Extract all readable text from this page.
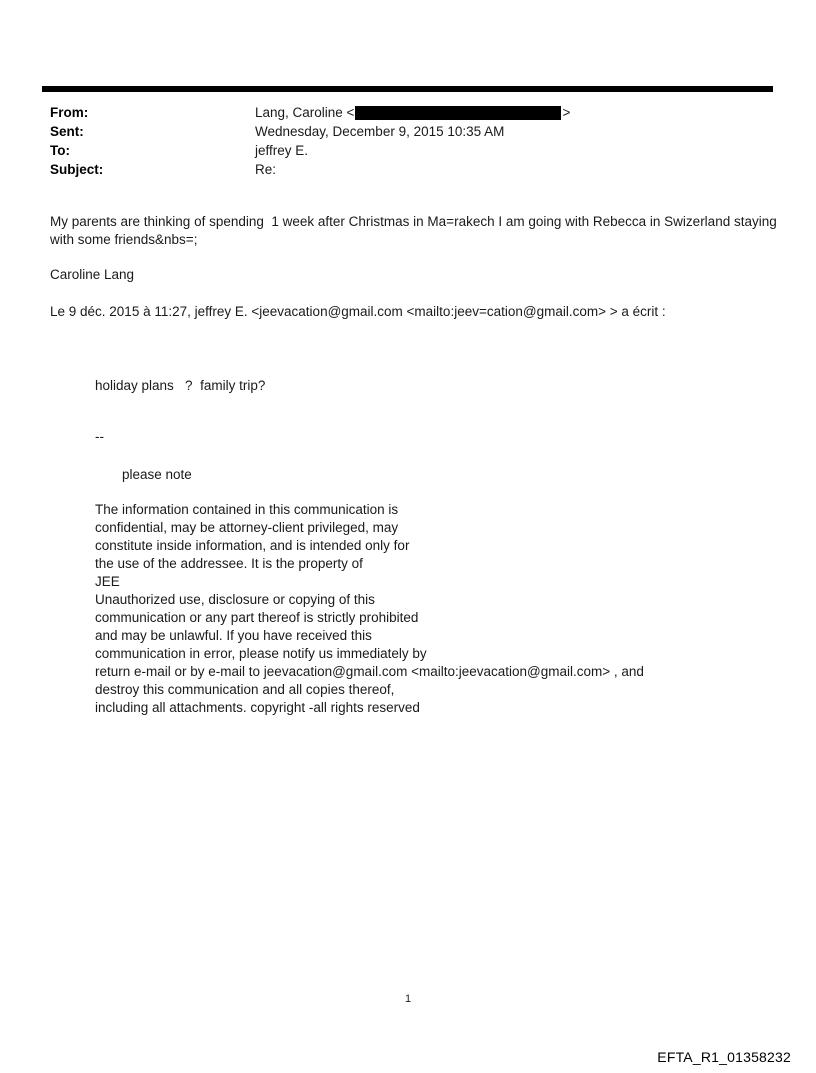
From:	Lang, Caroline <	>
Sent:	Wednesday, December 9, 2015 10:35 AM
To:	jeffrey E.
Subject:	Re:
My parents are thinking of spending  1 week after Christmas in Ma=rakech I am going with Rebecca in Swizerland staying
with some friends&nbs=;
Caroline Lang
Le 9 déc. 2015 à 11:27, jeffrey E. <jeevacation@gmail.com <mailto:jeev=cation@gmail.com> > a écrit :
holiday plans   ?  family trip?
--
please note
The information contained in this communication is
confidential, may be attorney-client privileged, may
constitute inside information, and is intended only for
the use of the addressee. It is the property of
JEE
Unauthorized use, disclosure or copying of this
communication or any part thereof is strictly prohibited
and may be unlawful. If you have received this
communication in error, please notify us immediately by
return e-mail or by e-mail to jeevacation@gmail.com <mailto:jeevacation@gmail.com> , and
destroy this communication and all copies thereof,
including all attachments. copyright -all rights reserved
1
EFTA_R1_01358232
